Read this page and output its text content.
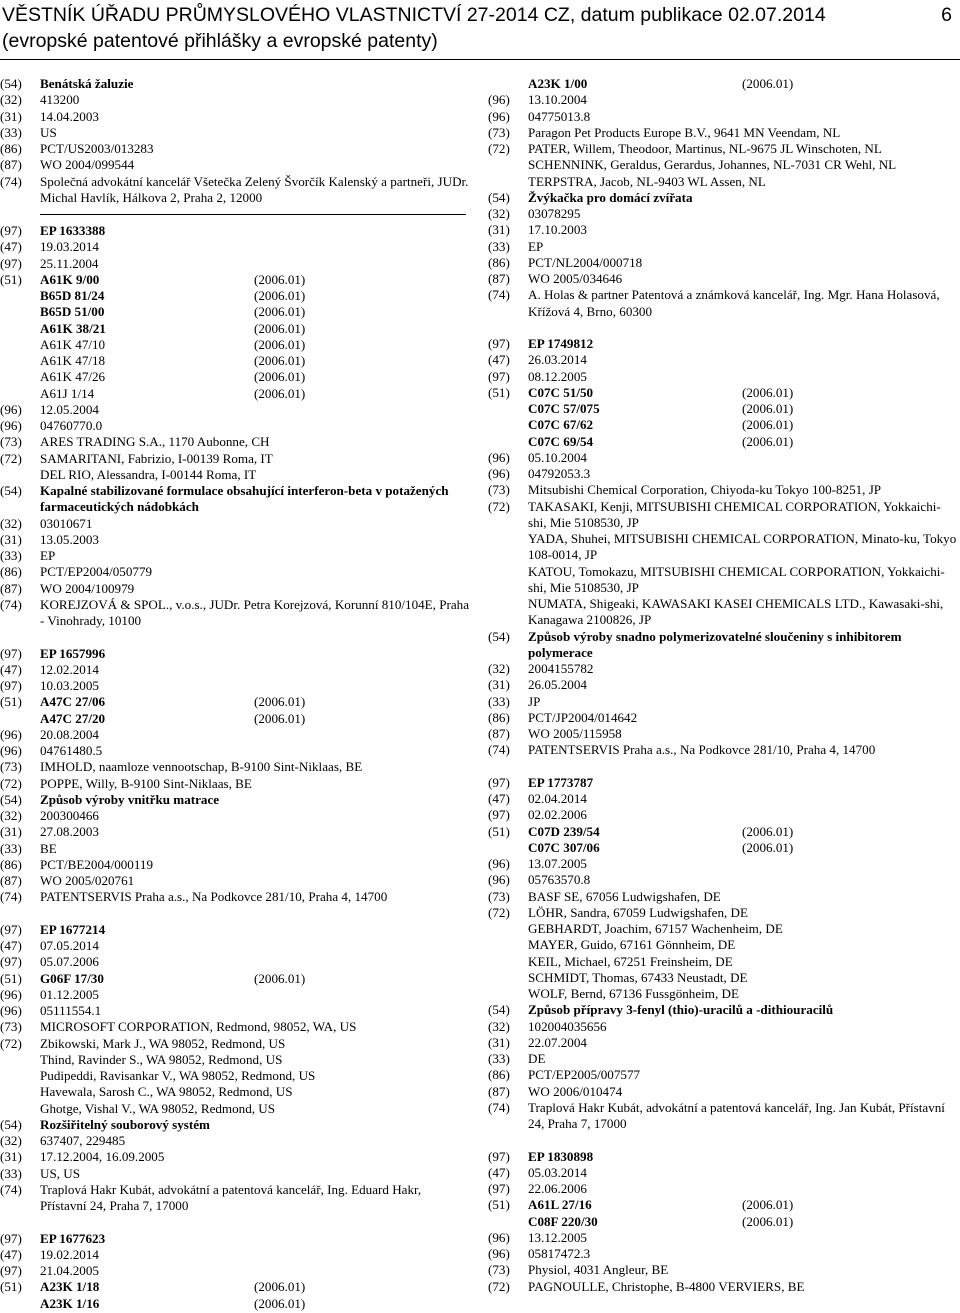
VĚSTNÍK ÚŘADU PRŮMYSLOVÉHO VLASTNICTVÍ 27-2014 CZ, datum publikace 02.07.2014
(evropské patentové přihlášky a evropské patenty)
6
(54)	Benátská žaluzie
(32)	413200
(31)	14.04.2003
(33)	US
(86)	PCT/US2003/013283
(87)	WO 2004/099544
(74)	Společná advokátní kancelář Všetečka Zelený Švorčík Kalenský a partneři, JUDr. Michal Havlík, Hálkova 2, Praha 2, 12000
(97)	EP 1633388
(47)	19.03.2014
(97)	25.11.2004
(51)	A61K 9/00	(2006.01)
B65D 81/24	(2006.01)
B65D 51/00	(2006.01)
A61K 38/21	(2006.01)
A61K 47/10	(2006.01)
A61K 47/18	(2006.01)
A61K 47/26	(2006.01)
A61J 1/14	(2006.01)
(96)	12.05.2004
(96)	04760770.0
(73)	ARES TRADING S.A., 1170 Aubonne, CH
(72)	SAMARITANI, Fabrizio, I-00139 Roma, IT
DEL RIO, Alessandra, I-00144 Roma, IT
(54)	Kapalné stabilizované formulace obsahující interferon-beta v potažených farmaceutických nádobkách
(32)	03010671
(31)	13.05.2003
(33)	EP
(86)	PCT/EP2004/050779
(87)	WO 2004/100979
(74)	KOREJZOVÁ & SPOL., v.o.s., JUDr. Petra Korejzová, Korunní 810/104E, Praha - Vinohrady, 10100
(97)	EP 1657996
(47)	12.02.2014
(97)	10.03.2005
(51)	A47C 27/06	(2006.01)
A47C 27/20	(2006.01)
(96)	20.08.2004
(96)	04761480.5
(73)	IMHOLD, naamloze vennootschap, B-9100 Sint-Niklaas, BE
(72)	POPPE, Willy, B-9100 Sint-Niklaas, BE
(54)	Způsob výroby vnitřku matrace
(32)	200300466
(31)	27.08.2003
(33)	BE
(86)	PCT/BE2004/000119
(87)	WO 2005/020761
(74)	PATENTSERVIS Praha a.s., Na Podkovce 281/10, Praha 4, 14700
(97)	EP 1677214
(47)	07.05.2014
(97)	05.07.2006
(51)	G06F 17/30	(2006.01)
(96)	01.12.2005
(96)	05111554.1
(73)	MICROSOFT CORPORATION, Redmond, 98052, WA, US
(72)	Zbikowski, Mark J., WA 98052, Redmond, US
Thind, Ravinder S., WA 98052, Redmond, US
Pudipeddi, Ravisankar V., WA 98052, Redmond, US
Havewala, Sarosh C., WA 98052, Redmond, US
Ghotge, Vishal V., WA 98052, Redmond, US
(54)	Rozšiřitelný souborový systém
(32)	637407, 229485
(31)	17.12.2004, 16.09.2005
(33)	US, US
(74)	Traplová Hakr Kubát, advokátní a patentová kancelář, Ing. Eduard Hakr, Přístavní 24, Praha 7, 17000
(97)	EP 1677623
(47)	19.02.2014
(97)	21.04.2005
(51)	A23K 1/18	(2006.01)
A23K 1/16	(2006.01)
A23K 1/00	(2006.01)
(96)	13.10.2004
(96)	04775013.8
(73)	Paragon Pet Products Europe B.V., 9641 MN Veendam, NL
(72)	PATER, Willem, Theodoor, Martinus, NL-9675 JL Winschoten, NL
SCHENNINK, Geraldus, Gerardus, Johannes, NL-7031 CR Wehl, NL
TERPSTRA, Jacob, NL-9403 WL Assen, NL
(54)	Žvýkačka pro domácí zvířata
(32)	03078295
(31)	17.10.2003
(33)	EP
(86)	PCT/NL2004/000718
(87)	WO 2005/034646
(74)	A. Holas & partner Patentová a známková kancelář, Ing. Mgr. Hana Holasová, Křížová 4, Brno, 60300
(97)	EP 1749812
(47)	26.03.2014
(97)	08.12.2005
(51)	C07C 51/50	(2006.01)
C07C 57/075	(2006.01)
C07C 67/62	(2006.01)
C07C 69/54	(2006.01)
(96)	05.10.2004
(96)	04792053.3
(73)	Mitsubishi Chemical Corporation, Chiyoda-ku Tokyo 100-8251, JP
(72)	TAKASAKI, Kenji, MITSUBISHI CHEMICAL CORPORATION, Yokkaichi-shi, Mie 5108530, JP
YADA, Shuhei, MITSUBISHI CHEMICAL CORPORATION, Minato-ku, Tokyo 108-0014, JP
KATOU, Tomokazu, MITSUBISHI CHEMICAL CORPORATION, Yokkaichi-shi, Mie 5108530, JP
NUMATA, Shigeaki, KAWASAKI KASEI CHEMICALS LTD., Kawasaki-shi, Kanagawa 2100826, JP
(54)	Způsob výroby snadno polymerizovatelné sloučeniny s inhibitorem polymerace
(32)	2004155782
(31)	26.05.2004
(33)	JP
(86)	PCT/JP2004/014642
(87)	WO 2005/115958
(74)	PATENTSERVIS Praha a.s., Na Podkovce 281/10, Praha 4, 14700
(97)	EP 1773787
(47)	02.04.2014
(97)	02.02.2006
(51)	C07D 239/54	(2006.01)
C07C 307/06	(2006.01)
(96)	13.07.2005
(96)	05763570.8
(73)	BASF SE, 67056 Ludwigshafen, DE
(72)	LÖHR, Sandra, 67059 Ludwigshafen, DE
GEBHARDT, Joachim, 67157 Wachenheim, DE
MAYER, Guido, 67161 Gönnheim, DE
KEIL, Michael, 67251 Freinsheim, DE
SCHMIDT, Thomas, 67433 Neustadt, DE
WOLF, Bernd, 67136 Fussgönheim, DE
(54)	Způsob přípravy 3-fenyl (thio)-uracilů a -dithiouracilů
(32)	102004035656
(31)	22.07.2004
(33)	DE
(86)	PCT/EP2005/007577
(87)	WO 2006/010474
(74)	Traplová Hakr Kubát, advokátní a patentová kancelář, Ing. Jan Kubát, Přístavní 24, Praha 7, 17000
(97)	EP 1830898
(47)	05.03.2014
(97)	22.06.2006
(51)	A61L 27/16	(2006.01)
C08F 220/30	(2006.01)
(96)	13.12.2005
(96)	05817472.3
(73)	Physiol, 4031 Angleur, BE
(72)	PAGNOULLE, Christophe, B-4800 VERVIERS, BE
